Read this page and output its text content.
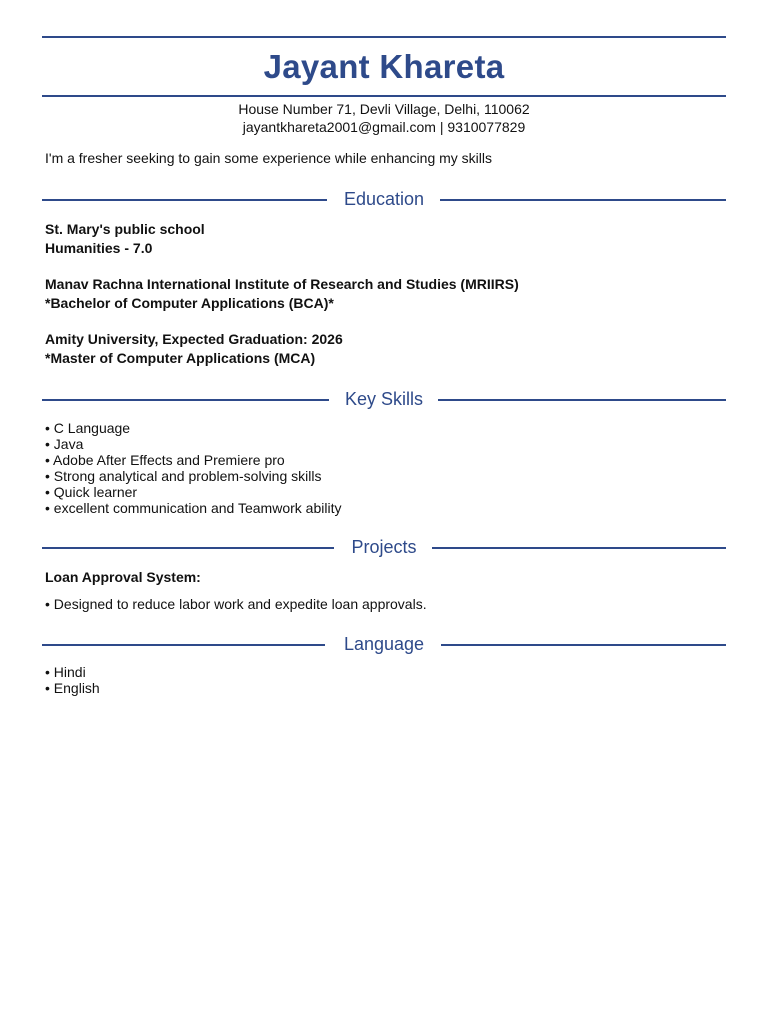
Jayant Khareta
House Number 71, Devli Village, Delhi, 110062
jayantkhareta2001@gmail.com | 9310077829
I'm a fresher seeking to gain some experience while enhancing my skills
Education
St. Mary's public school
Humanities - 7.0
Manav Rachna International Institute of Research and Studies (MRIIRS)
*Bachelor of Computer Applications (BCA)*
Amity University, Expected Graduation: 2026
*Master of Computer Applications (MCA)
Key Skills
• C Language
• Java
• Adobe After Effects and Premiere pro
• Strong analytical and problem-solving skills
• Quick learner
• excellent communication and Teamwork ability
Projects
Loan Approval System:
• Designed to reduce labor work and expedite loan approvals.
Language
• Hindi
• English
